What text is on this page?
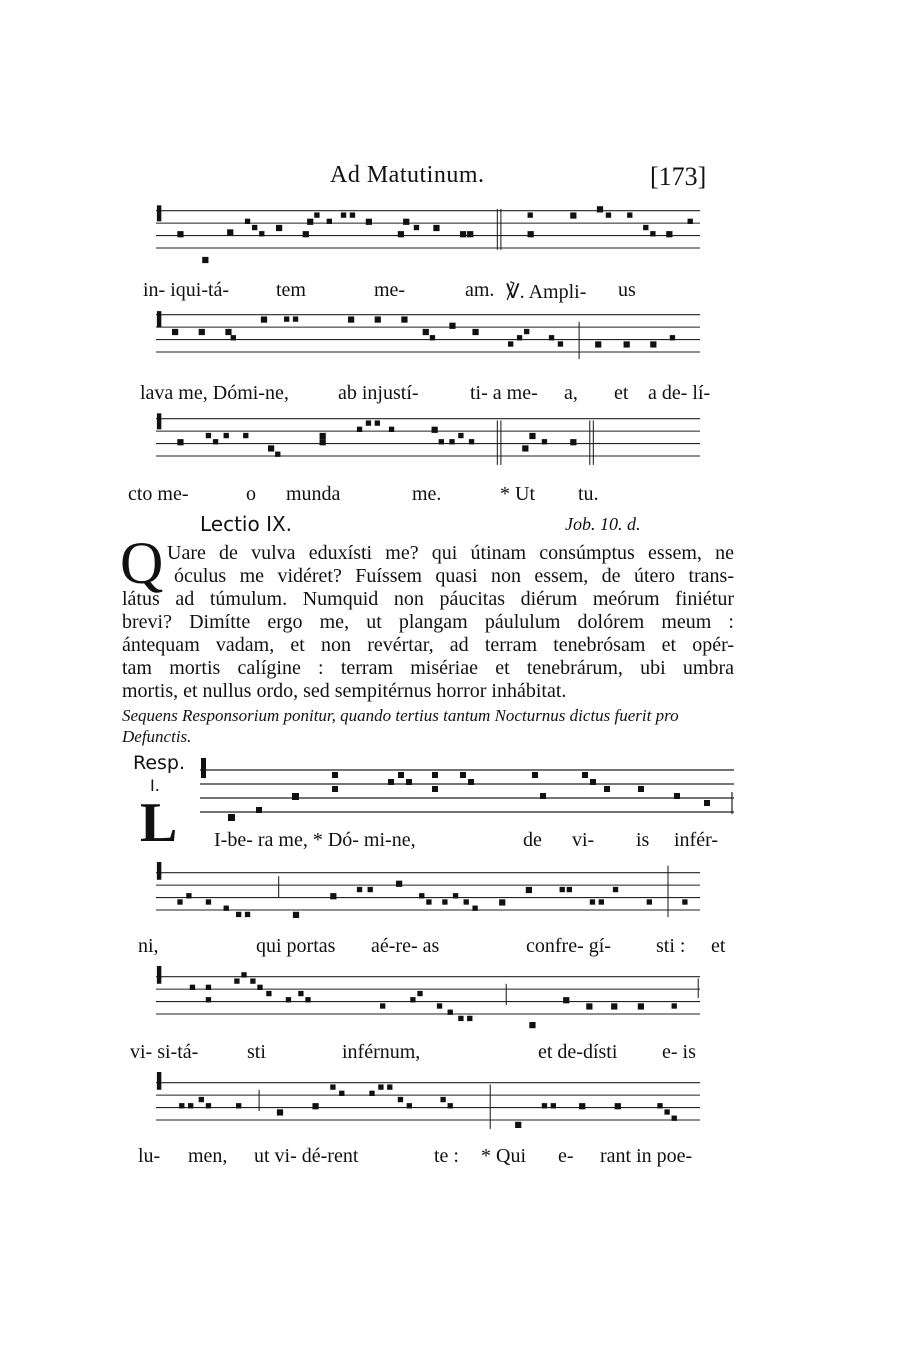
Ad Matutinum.	[173]
in- iqui-tá- tem	me-	am. ℣. Ampli- us
lava me, Dómi-ne, ab injustí-	ti- a me- a, et a de- lí-
cto me-	o munda	me.	* Ut tu.
Lectio IX.	Job. 10. d.
Q Uare de vulva eduxísti me? qui útinam consúmptus essem, ne
óculus me vidéret? Fuíssem quasi non essem, de útero trans-
látus ad túmulum. Numquid non páucitas diérum meórum finiétur
brevi? Dimítte ergo me, ut plangam páululum dolórem meum :
ántequam vadam, et non revértar, ad terram tenebrósam et opér-
tam mortis calígine : terram misériae et tenebrárum, ubi umbra
mortis, et nullus ordo, sed sempitérnus horror inhábitat.
Sequens Responsorium ponitur, quando tertius tantum Nocturnus dictus fuerit pro Defunctis.
Resp.
I.
L I-be- ra me, * Dó- mi-ne,	de vi- is infér-
ni,	qui portas aé-re- as	confre- gí- sti : et
vi- si-tá- sti	inférnum,	et de-dísti e- is
lu- men, ut vi- dé-rent	te : * Qui e- rant in poe-
